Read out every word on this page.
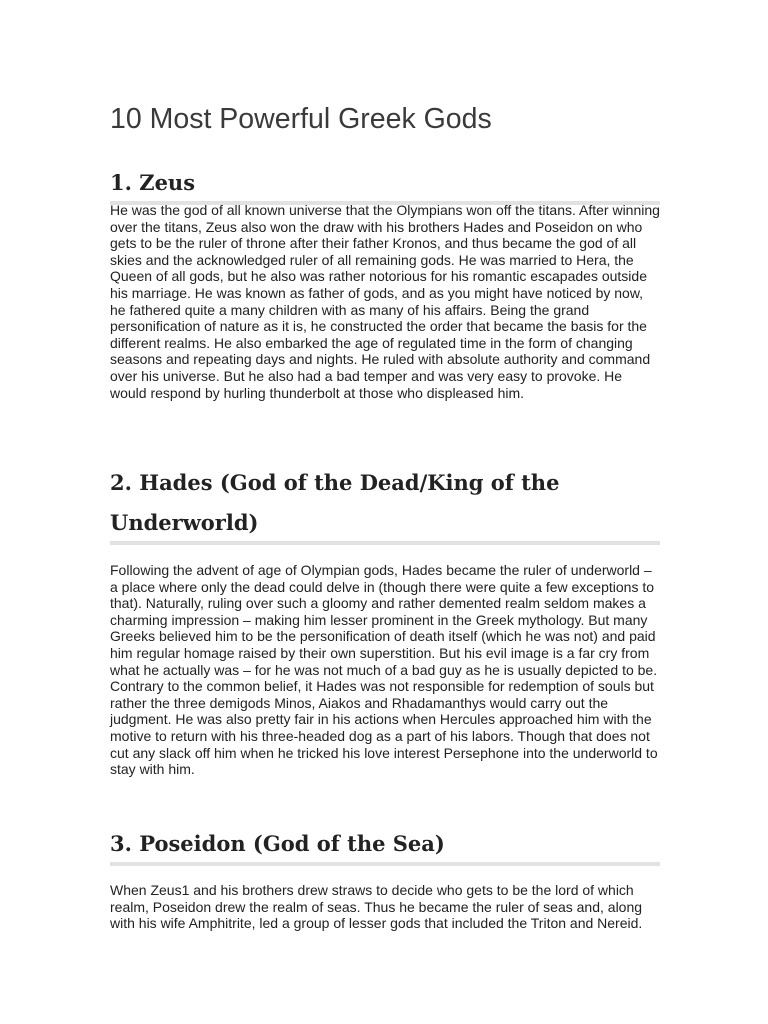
10 Most Powerful Greek Gods
1. Zeus

He was the god of all known universe that the Olympians won off the titans. After winning over the titans, Zeus also won the draw with his brothers Hades and Poseidon on who gets to be the ruler of throne after their father Kronos, and thus became the god of all skies and the acknowledged ruler of all remaining gods. He was married to Hera, the Queen of all gods, but he also was rather notorious for his romantic escapades outside his marriage. He was known as father of gods, and as you might have noticed by now, he fathered quite a many children with as many of his affairs. Being the grand personification of nature as it is, he constructed the order that became the basis for the different realms. He also embarked the age of regulated time in the form of changing seasons and repeating days and nights. He ruled with absolute authority and command over his universe. But he also had a bad temper and was very easy to provoke. He would respond by hurling thunderbolt at those who displeased him.

2. Hades (God of the Dead/King of the Underworld)

Following the advent of age of Olympian gods, Hades became the ruler of underworld – a place where only the dead could delve in (though there were quite a few exceptions to that). Naturally, ruling over such a gloomy and rather demented realm seldom makes a charming impression – making him lesser prominent in the Greek mythology. But many Greeks believed him to be the personification of death itself (which he was not) and paid him regular homage raised by their own superstition. But his evil image is a far cry from what he actually was – for he was not much of a bad guy as he is usually depicted to be. Contrary to the common belief, it Hades was not responsible for redemption of souls but rather the three demigods Minos, Aiakos and Rhadamanthys would carry out the judgment. He was also pretty fair in his actions when Hercules approached him with the motive to return with his three-headed dog as a part of his labors. Though that does not cut any slack off him when he tricked his love interest Persephone into the underworld to stay with him.

3. Poseidon (God of the Sea)

When Zeus1 and his brothers drew straws to decide who gets to be the lord of which realm, Poseidon drew the realm of seas. Thus he became the ruler of seas and, along with his wife Amphitrite, led a group of lesser gods that included the Triton and Nereid.
